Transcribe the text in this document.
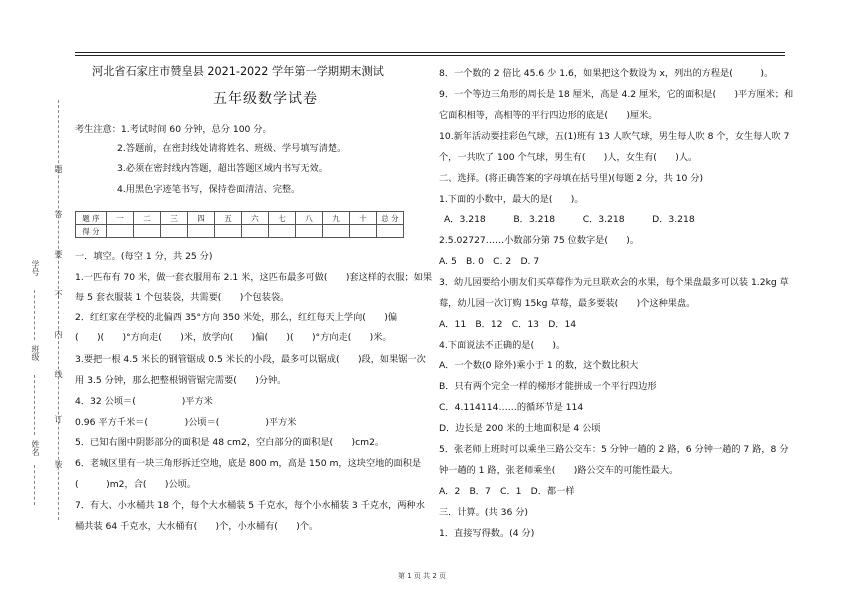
河北省石家庄市赞皇县 2021-2022 学年第一学期期末测试
五年级数学试卷
学号
班级
姓名
题
答
要
不
内
线
订
装
考生注意：1.考试时间 60 分钟，总分 100 分。
2.答题前，在密封线处请将姓名、班级、学号填写清楚。
3.必须在密封线内答题，超出答题区域内书写无效。
4.用黑色字迹笔书写，保持卷面清洁、完整。
题 序	一	二	三	四	五	六	七	八	九	十	总 分
得 分											
一．填空。(每空 1 分，共 25 分)
1.一匹布有 70 米，做一套衣服用布 2.1 米，这匹布最多可做(　　)套这样的衣服；如果
每 5 套衣服装 1 个包装袋，共需要(　　)个包装袋。
2．红红家在学校的北偏西 35°方向 350 米处，那么，红红每天上学向(　　)偏
(　　)(　　)°方向走(　　)米，放学向(　　)偏(　　)(　　)°方向走(　　)米。
3.要把一根 4.5 米长的钢管锯成 0.5 米长的小段，最多可以锯成(　　)段，如果锯一次
用 3.5 分钟，那么把整根钢管锯完需要(　　)分钟。
4．32 公顷＝(　　　　　)平方米
0.96 平方千米＝(　　　　)公顷＝(　　　　　)平方米
5．已知右图中阴影部分的面积是 48 cm2，空白部分的面积是(　　)cm2。
6．老城区里有一块三角形拆迁空地，底是 800 m，高是 150 m，这块空地的面积是
(　　　)m2，合(　　)公顷。
7．有大、小水桶共 18 个，每个大水桶装 5 千克水，每个小水桶装 3 千克水，两种水
桶共装 64 千克水，大水桶有(　　)个，小水桶有(　　)个。
8．一个数的 2 倍比 45.6 少 1.6，如果把这个数设为 x，列出的方程是(　　　)。
9．一个等边三角形的周长是 18 厘米，高是 4.2 厘米，它的面积是(　　)平方厘米；和
它面积相等，高相等的平行四边形的底是(　　)厘米。
10.新年活动要挂彩色气球，五(1)班有 13 人吹气球，男生每人吹 8 个，女生每人吹 7
个，一共吹了 100 个气球，男生有(　　)人，女生有(　　)人。
二、选择。(将正确答案的字母填在括号里)(每题 2 分，共 10 分)
1.下面的小数中，最大的是(　　)。
A．3.218　　　B．3.218　　　C．3.218　　　D．3.218
2.5.02727……小数部分第 75 位数字是(　　)。
A. 5　B. 0　C. 2　D. 7
3．幼儿园要给小朋友们买草莓作为元旦联欢会的水果，每个果盘最多可以装 1.2kg 草
莓，幼儿园一次订购 15kg 草莓，最多要装(　　)个这种果盘。
A．11　B．12　C．13　D．14
4.下面说法不正确的是(　　)。
A．一个数(0 除外)乘小于 1 的数，这个数比积大
B．只有两个完全一样的梯形才能拼成一个平行四边形
C．4.114114……的循环节是 114
D．边长是 200 米的土地面积是 4 公顷
5．张老师上班时可以乘坐三路公交车：5 分钟一趟的 2 路，6 分钟一趟的 7 路，8 分
钟一趟的 1 路，张老师乘坐(　　)路公交车的可能性最大。
A．2　B．7　C．1　D．都一样
三．计算。(共 36 分)
1．直接写得数。(4 分)
第 1 页 共 2 页
